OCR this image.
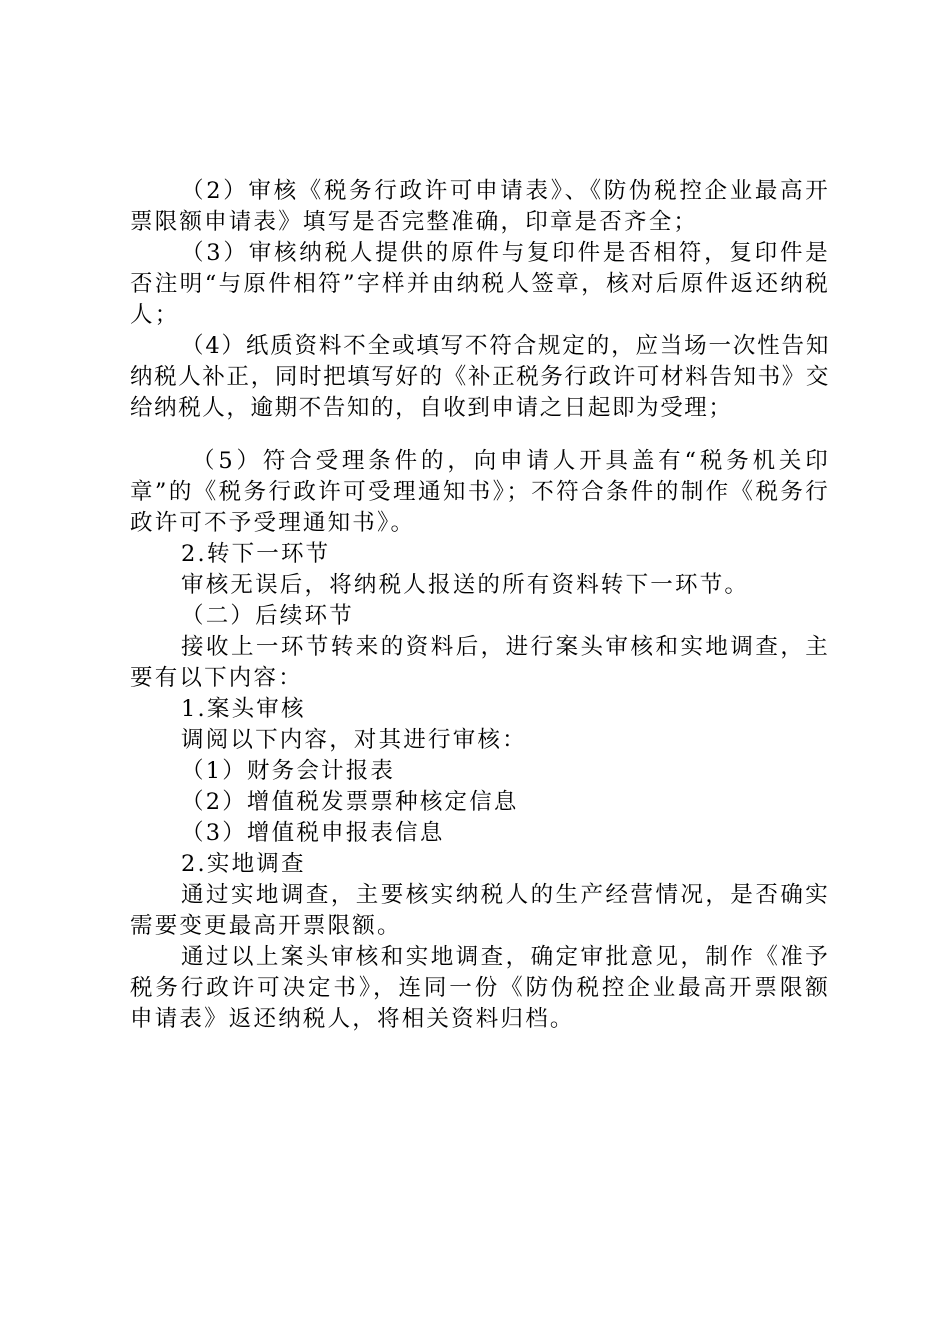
（2）审核《税务行政许可申请表》、《防伪税控企业最高开票限额申请表》填写是否完整准确，印章是否齐全；

（3）审核纳税人提供的原件与复印件是否相符，复印件是否注明“与原件相符”字样并由纳税人签章，核对后原件返还纳税人；

（4）纸质资料不全或填写不符合规定的，应当场一次性告知纳税人补正，同时把填写好的《补正税务行政许可材料告知书》交给纳税人，逾期不告知的，自收到申请之日起即为受理；

（5）符合受理条件的，向申请人开具盖有“税务机关印章”的《税务行政许可受理通知书》；不符合条件的制作《税务行政许可不予受理通知书》。

2.转下一环节

审核无误后，将纳税人报送的所有资料转下一环节。

（二）后续环节

接收上一环节转来的资料后，进行案头审核和实地调查，主要有以下内容：

1.案头审核

调阅以下内容，对其进行审核：

（1）财务会计报表

（2）增值税发票票种核定信息

（3）增值税申报表信息

2.实地调查

通过实地调查，主要核实纳税人的生产经营情况，是否确实需要变更最高开票限额。

通过以上案头审核和实地调查，确定审批意见，制作《准予税务行政许可决定书》，连同一份《防伪税控企业最高开票限额申请表》返还纳税人，将相关资料归档。
